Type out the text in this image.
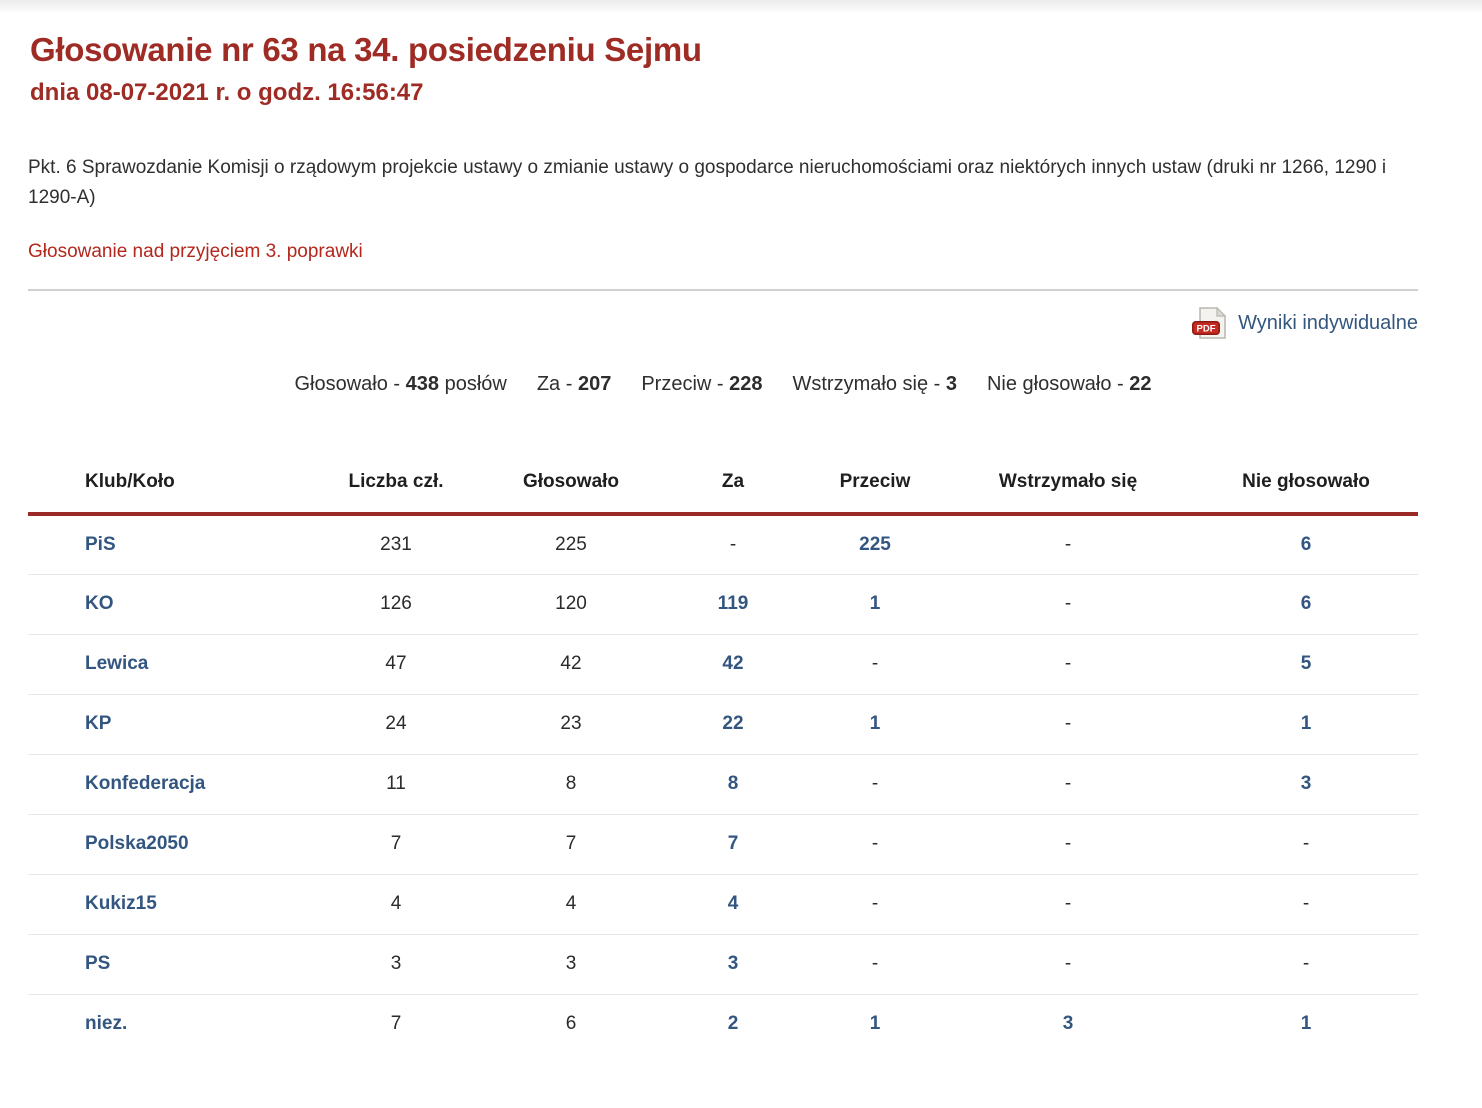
Głosowanie nr 63 na 34. posiedzeniu Sejmu
dnia 08-07-2021 r. o godz. 16:56:47

Pkt. 6 Sprawozdanie Komisji o rządowym projekcie ustawy o zmianie ustawy o gospodarce nieruchomościami oraz niektórych innych ustaw (druki nr 1266, 1290 i 1290-A)

Głosowanie nad przyjęciem 3. poprawki
PDF Wyniki indywidualne
Głosowało - 438 posłów Za - 207 Przeciw - 228 Wstrzymało się - 3 Nie głosowało - 22
Klub/Koło	Liczba czł.	Głosowało	Za	Przeciw	Wstrzymało się	Nie głosowało
PiS	231	225	-	225	-	6
KO	126	120	119	1	-	6
Lewica	47	42	42	-	-	5
KP	24	23	22	1	-	1
Konfederacja	11	8	8	-	-	3
Polska2050	7	7	7	-	-	-
Kukiz15	4	4	4	-	-	-
PS	3	3	3	-	-	-
niez.	7	6	2	1	3	1
